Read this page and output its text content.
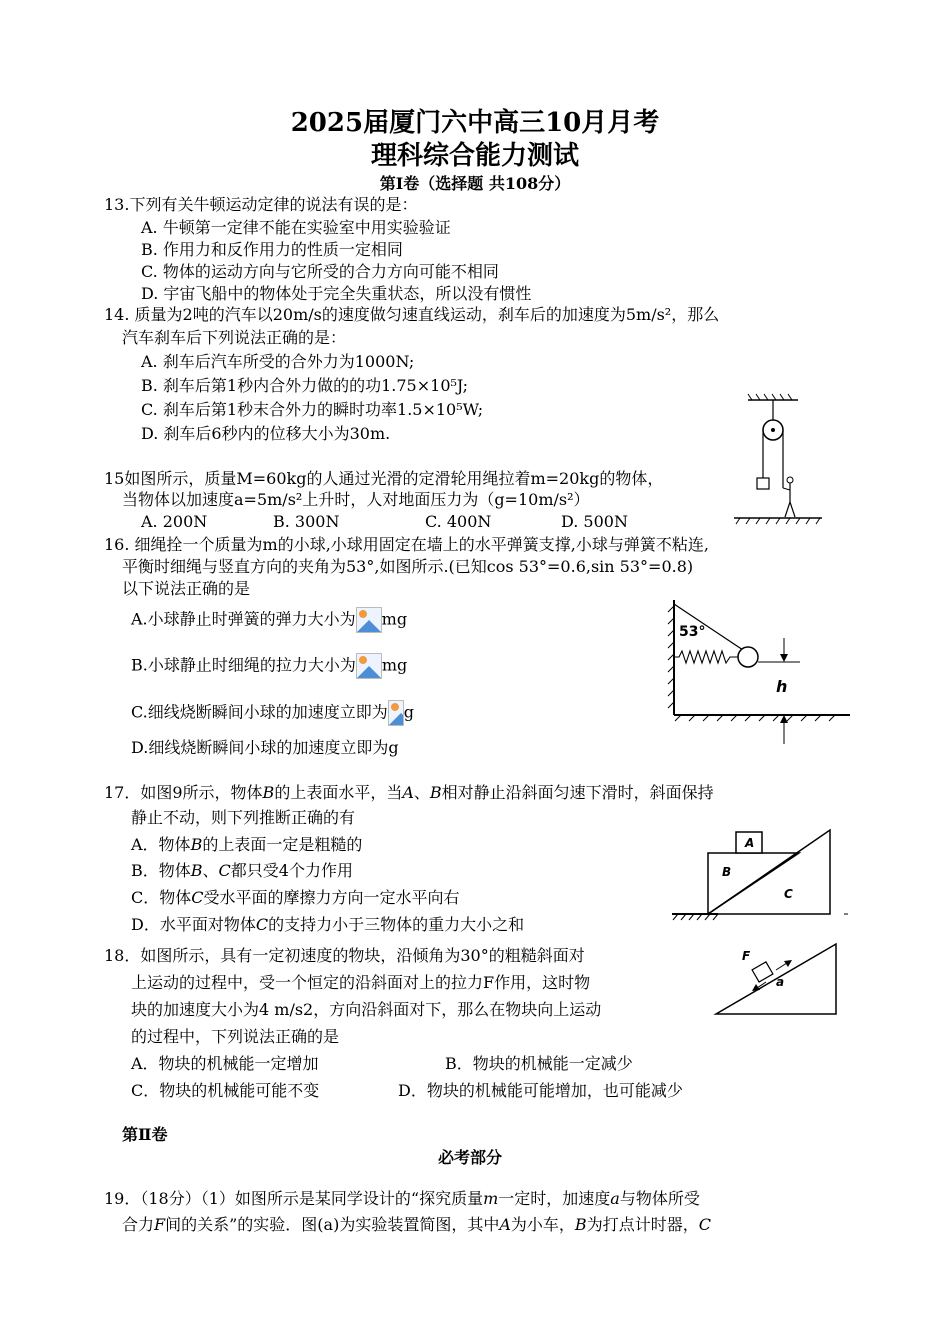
2025届厦门六中高三10月月考
理科综合能力测试
第Ⅰ卷（选择题 共108分）
13.下列有关牛顿运动定律的说法有误的是：
A. 牛顿第一定律不能在实验室中用实验验证
B. 作用力和反作用力的性质一定相同
C. 物体的运动方向与它所受的合力方向可能不相同
D. 宇宙飞船中的物体处于完全失重状态，所以没有惯性
14. 质量为2吨的汽车以20m/s的速度做匀速直线运动，刹车后的加速度为5m/s²，那么
汽车刹车后下列说法正确的是：
A. 刹车后汽车所受的合外力为1000N;
B. 刹车后第1秒内合外力做的的功1.75×10⁵J;
C. 刹车后第1秒末合外力的瞬时功率1.5×10⁵W;
D. 刹车后6秒内的位移大小为30m.
15如图所示，质量M=60kg的人通过光滑的定滑轮用绳拉着m=20kg的物体，
当物体以加速度a=5m/s²上升时，人对地面压力为（g=10m/s²）
A. 200N	B. 300N	C. 400N	D. 500N
16. 细绳拴一个质量为m的小球,小球用固定在墙上的水平弹簧支撑,小球与弹簧不粘连,
平衡时细绳与竖直方向的夹角为53°,如图所示.(已知cos 53°=0.6,sin 53°=0.8)
以下说法正确的是
A.小球静止时弹簧的弹力大小为 mg
B.小球静止时细绳的拉力大小为 mg
C.细线烧断瞬间小球的加速度立即为 g
D.细线烧断瞬间小球的加速度立即为g
53°
h
17．如图9所示，物体B的上表面水平，当A、B相对静止沿斜面匀速下滑时，斜面保持
静止不动，则下列推断正确的有
A．物体B的上表面一定是粗糙的
B．物体B、C都只受4个力作用
C．物体C受水平面的摩擦力方向一定水平向右
D．水平面对物体C的支持力小于三物体的重力大小之和
A
B
C
18．如图所示，具有一定初速度的物块，沿倾角为30°的粗糙斜面对
上运动的过程中，受一个恒定的沿斜面对上的拉力F作用，这时物
块的加速度大小为4 m/s2，方向沿斜面对下，那么在物块向上运动
的过程中，下列说法正确的是
A．物块的机械能一定增加	B．物块的机械能一定减少
C．物块的机械能可能不变	D．物块的机械能可能增加，也可能减少
F
a
第Ⅱ卷
必考部分
19．（18分）（1）如图所示是某同学设计的“探究质量m一定时，加速度a与物体所受
合力F间的关系”的实验．图(a)为实验装置简图，其中A为小车，B为打点计时器，C
